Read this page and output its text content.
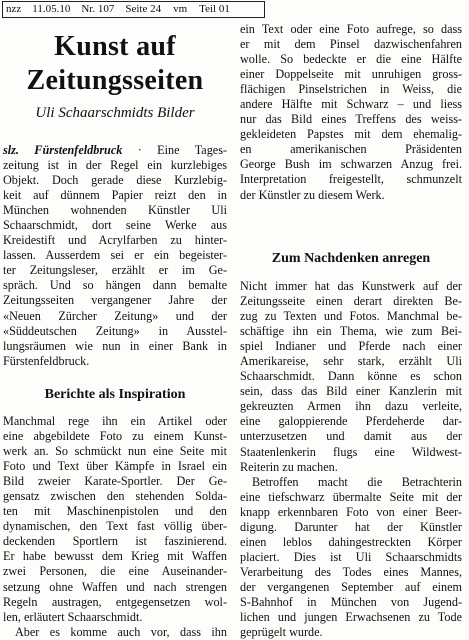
nzz 11.05.10 Nr. 107 Seite 24 vm Teil 01
Kunst auf
Zeitungsseiten
Uli Schaarschmidts Bilder
slz. Fürstenfeldbruck · Eine Tages-
zeitung ist in der Regel ein kurzlebiges
Objekt. Doch gerade diese Kurzlebig-
keit auf dünnem Papier reizt den in
München wohnenden Künstler Uli
Schaarschmidt, dort seine Werke aus
Kreidestift und Acrylfarben zu hinter-
lassen. Ausserdem sei er ein begeister-
ter Zeitungsleser, erzählt er im Ge-
spräch. Und so hängen dann bemalte
Zeitungsseiten vergangener Jahre der
«Neuen Zürcher Zeitung» und der
«Süddeutschen Zeitung» in Ausstel-
lungsräumen wie nun in einer Bank in
Fürstenfeldbruck.
Berichte als Inspiration
Manchmal rege ihn ein Artikel oder
eine abgebildete Foto zu einem Kunst-
werk an. So schmückt nun eine Seite mit
Foto und Text über Kämpfe in Israel ein
Bild zweier Karate-Sportler. Der Ge-
gensatz zwischen den stehenden Solda-
ten mit Maschinenpistolen und den
dynamischen, den Text fast völlig über-
deckenden Sportlern ist faszinierend.
Er habe bewusst dem Krieg mit Waffen
zwei Personen, die eine Auseinander-
setzung ohne Waffen und nach strengen
Regeln austragen, entgegensetzen wol-
len, erläutert Schaarschmidt.
Aber es komme auch vor, dass ihn
ein Text oder eine Foto aufrege, so dass
er mit dem Pinsel dazwischenfahren
wolle. So bedeckte er die eine Hälfte
einer Doppelseite mit unruhigen gross-
flächigen Pinselstrichen in Weiss, die
andere Hälfte mit Schwarz – und liess
nur das Bild eines Treffens des weiss-
gekleideten Papstes mit dem ehemalig-
en amerikanischen Präsidenten
George Bush im schwarzen Anzug frei.
Interpretation freigestellt, schmunzelt
der Künstler zu diesem Werk.
Zum Nachdenken anregen
Nicht immer hat das Kunstwerk auf der
Zeitungsseite einen derart direkten Be-
zug zu Texten und Fotos. Manchmal be-
schäftige ihn ein Thema, wie zum Bei-
spiel Indianer und Pferde nach einer
Amerikareise, sehr stark, erzählt Uli
Schaarschmidt. Dann könne es schon
sein, dass das Bild einer Kanzlerin mit
gekreuzten Armen ihn dazu verleite,
eine galoppierende Pferdeherde dar-
unterzusetzen und damit aus der
Staatenlenkerin flugs eine Wildwest-
Reiterin zu machen.
Betroffen macht die Betrachterin
eine tiefschwarz übermalte Seite mit der
knapp erkennbaren Foto von einer Beer-
digung. Darunter hat der Künstler
einen leblos dahingestreckten Körper
placiert. Dies ist Uli Schaarschmidts
Verarbeitung des Todes eines Mannes,
der vergangenen September auf einem
S-Bahnhof in München von Jugend-
lichen und jungen Erwachsenen zu Tode
geprügelt wurde.
